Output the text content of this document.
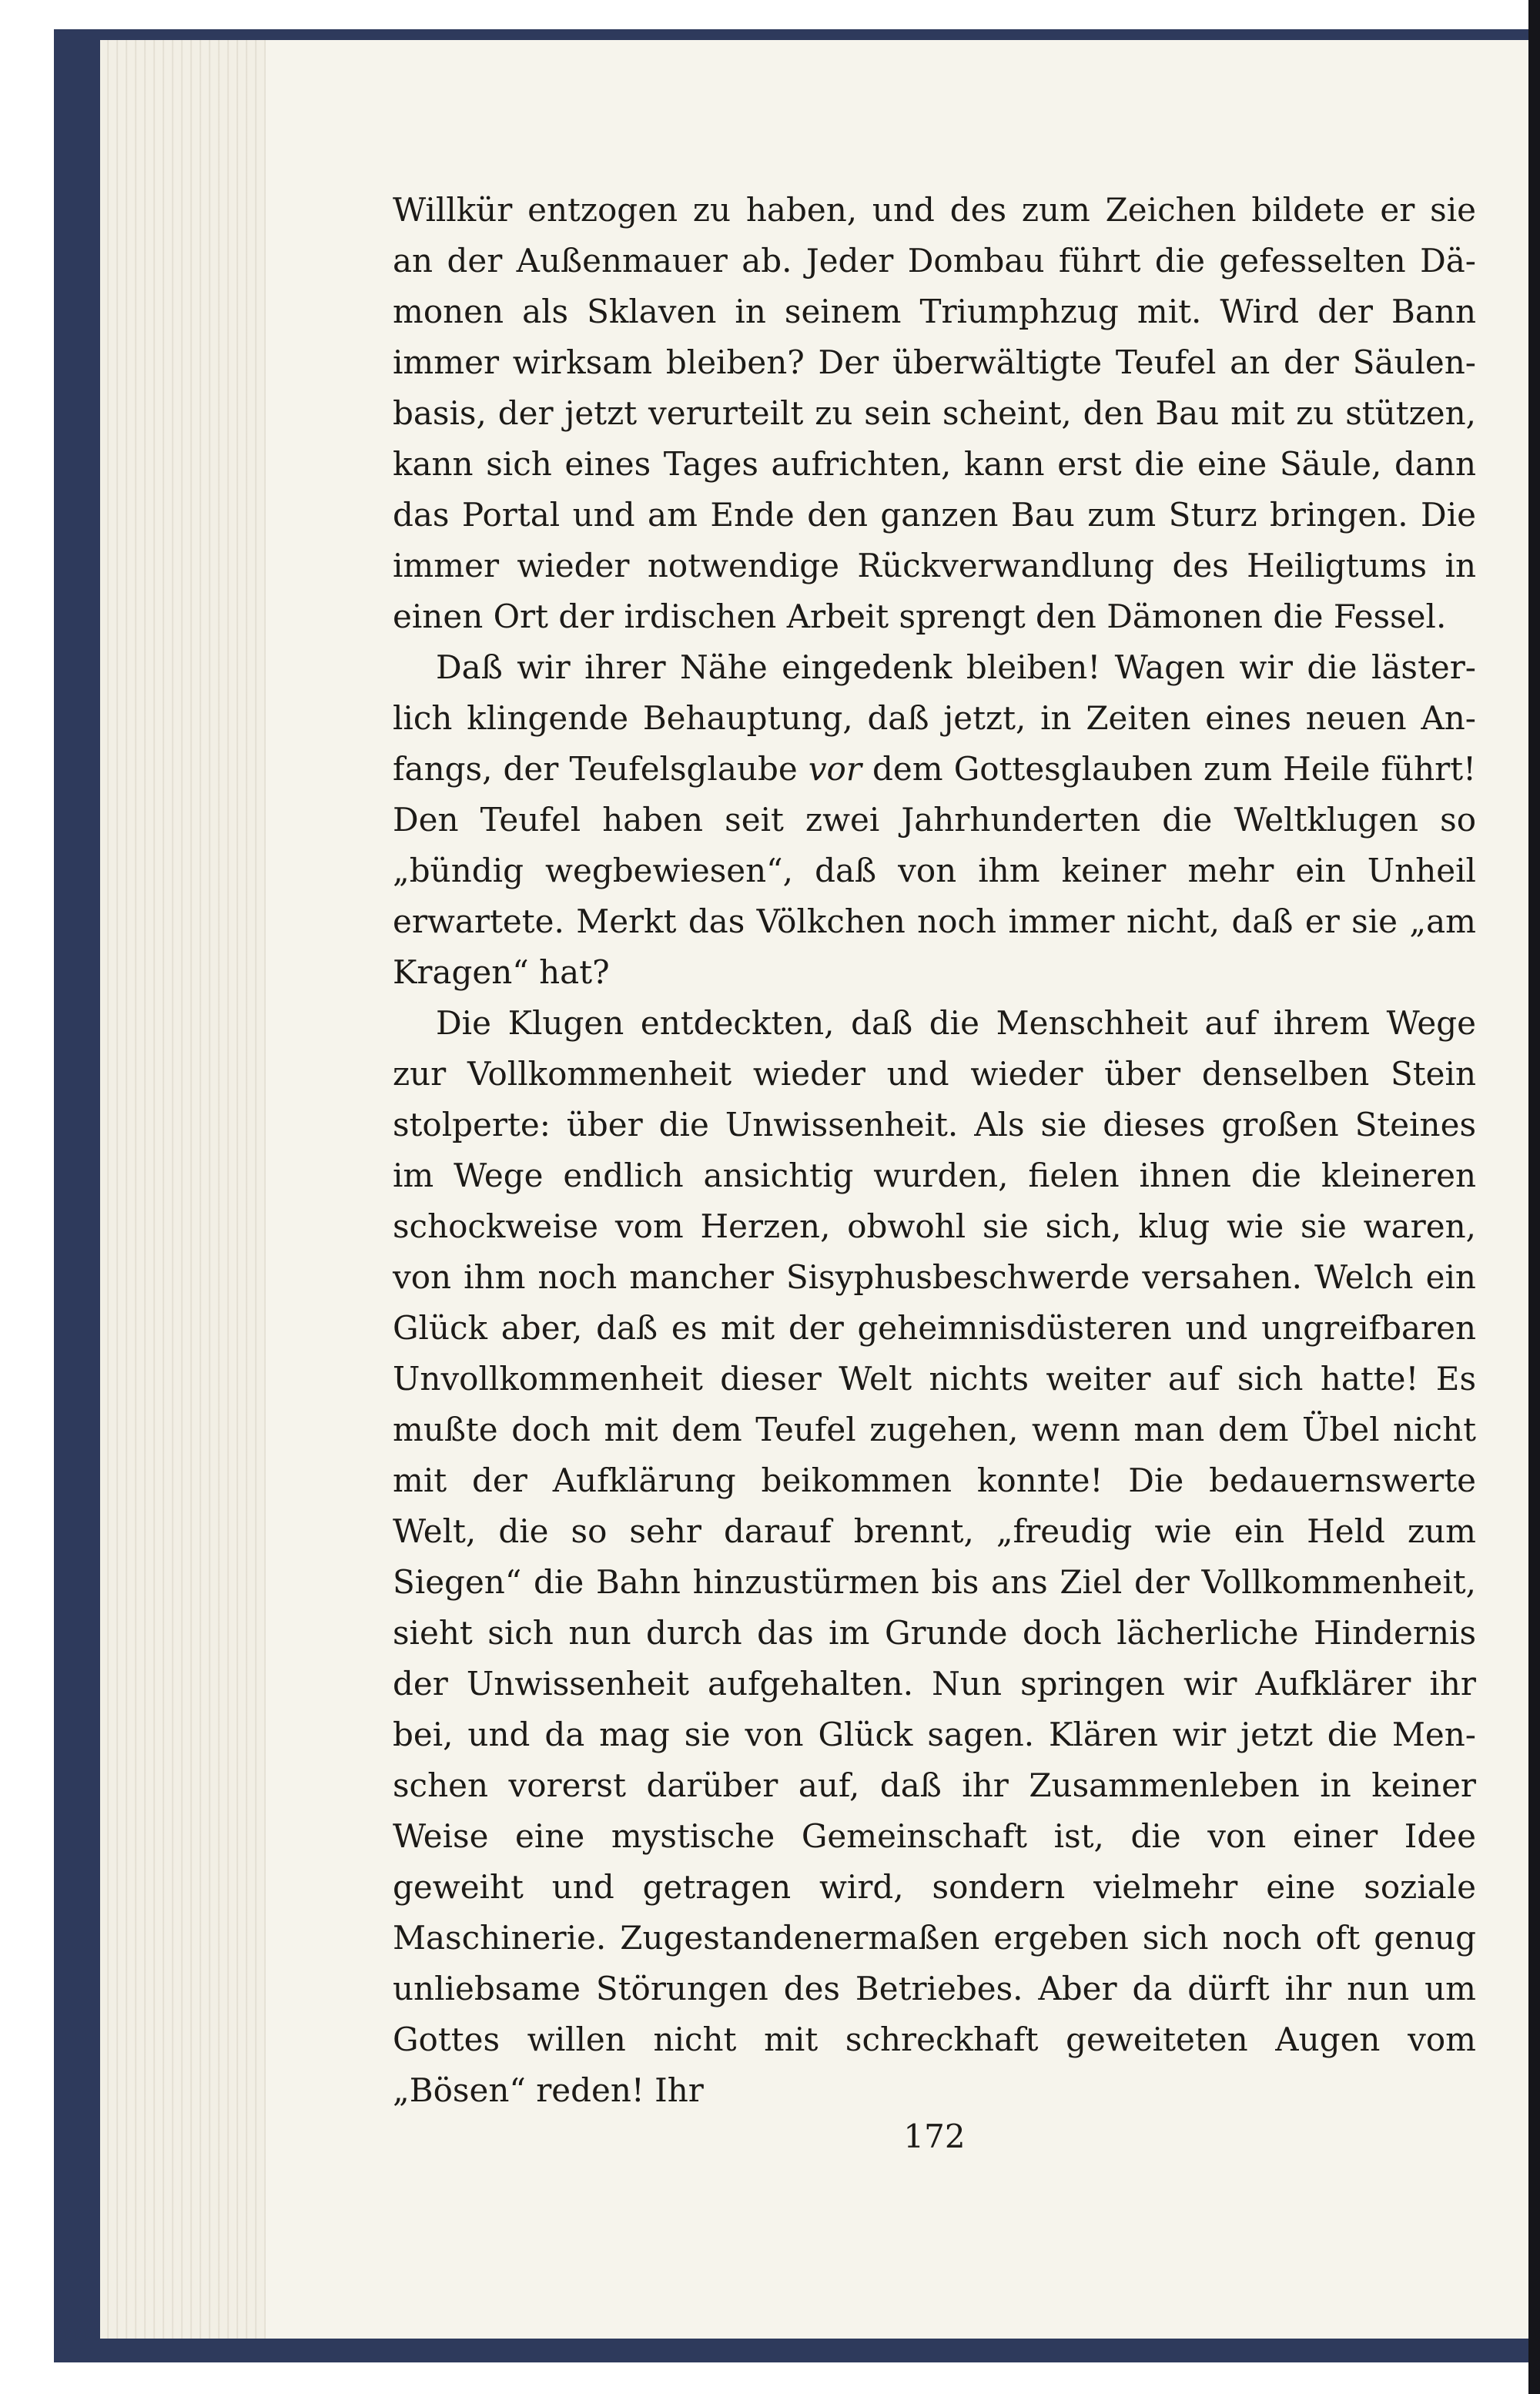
Willkür entzogen zu haben, und des zum Zeichen bildete er sie an der Außenmauer ab. Jeder Dombau führt die gefesselten Dämonen als Sklaven in seinem Triumphzug mit. Wird der Bann immer wirksam bleiben? Der überwältigte Teufel an der Säulenbasis, der jetzt verurteilt zu sein scheint, den Bau mit zu stützen, kann sich eines Tages aufrichten, kann erst die eine Säule, dann das Portal und am Ende den ganzen Bau zum Sturz bringen. Die immer wieder notwendige Rückverwandlung des Heiligtums in einen Ort der irdischen Arbeit sprengt den Dämonen die Fessel.

Daß wir ihrer Nähe eingedenk bleiben! Wagen wir die lästerlich klingende Behauptung, daß jetzt, in Zeiten eines neuen Anfangs, der Teufelsglaube vor dem Gottesglauben zum Heile führt! Den Teufel haben seit zwei Jahrhunderten die Weltklugen so „bündig wegbewiesen“, daß von ihm keiner mehr ein Unheil erwartete. Merkt das Völkchen noch immer nicht, daß er sie „am Kragen“ hat?

Die Klugen entdeckten, daß die Menschheit auf ihrem Wege zur Vollkommenheit wieder und wieder über denselben Stein stolperte: über die Unwissenheit. Als sie dieses großen Steines im Wege endlich ansichtig wurden, fielen ihnen die kleineren schockweise vom Herzen, obwohl sie sich, klug wie sie waren, von ihm noch mancher Sisyphusbeschwerde versahen. Welch ein Glück aber, daß es mit der geheimnisdüsteren und ungreifbaren Unvollkommenheit dieser Welt nichts weiter auf sich hatte! Es mußte doch mit dem Teufel zugehen, wenn man dem Übel nicht mit der Aufklärung beikommen konnte! Die bedauernswerte Welt, die so sehr darauf brennt, „freudig wie ein Held zum Siegen“ die Bahn hinzustürmen bis ans Ziel der Vollkommenheit, sieht sich nun durch das im Grunde doch lächerliche Hindernis der Unwissenheit aufgehalten. Nun springen wir Aufklärer ihr bei, und da mag sie von Glück sagen. Klären wir jetzt die Menschen vorerst darüber auf, daß ihr Zusammenleben in keiner Weise eine mystische Gemeinschaft ist, die von einer Idee geweiht und getragen wird, sondern vielmehr eine soziale Maschinerie. Zugestandenermaßen ergeben sich noch oft genug unliebsame Störungen des Betriebes. Aber da dürft ihr nun um Gottes willen nicht mit schreckhaft geweiteten Augen vom „Bösen“ reden! Ihr

172
